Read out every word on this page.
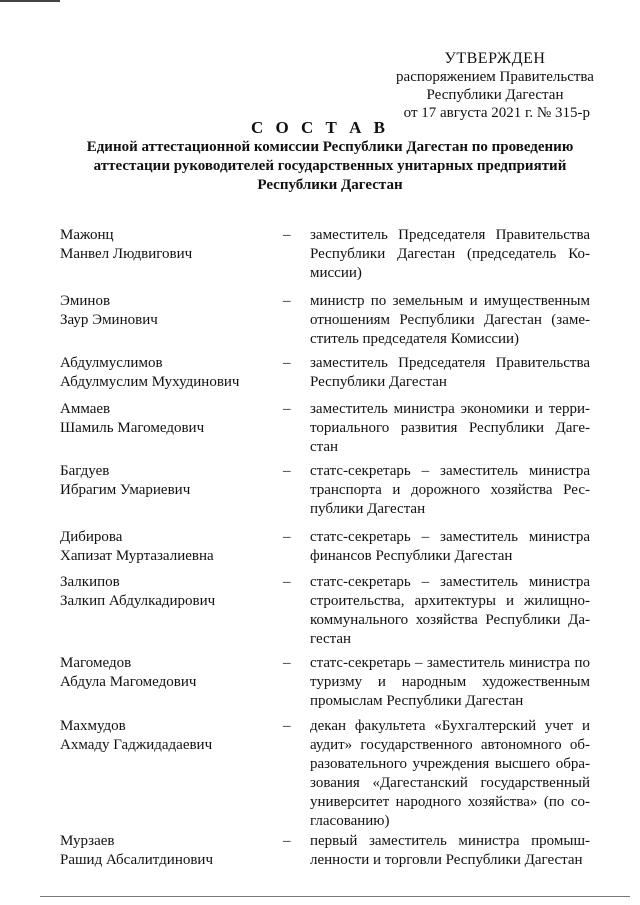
УТВЕРЖДЕН
распоряжением Правительства
Республики Дагестан
от 17 августа 2021 г. № 315-р
С О С Т А В
Единой аттестационной комиссии Республики Дагестан по проведению
аттестации руководителей государственных унитарных предприятий
Республики Дагестан
Мажонц
Манвел Людвигович
– заместитель Председателя Правительства
Республики Дагестан (председатель Ко-
миссии)
Эминов
Заур Эминович
– министр по земельным и имущественным
отношениям Республики Дагестан (заме-
ститель председателя Комиссии)
Абдулмуслимов
Абдулмуслим Мухудинович
– заместитель Председателя Правительства
Республики Дагестан
Аммаев
Шамиль Магомедович
– заместитель министра экономики и терри-
ториального развития Республики Даге-
стан
Багдуев
Ибрагим Умариевич
– статс-секретарь – заместитель министра
транспорта и дорожного хозяйства Рес-
публики Дагестан
Дибирова
Хапизат Муртазалиевна
– статс-секретарь – заместитель министра
финансов Республики Дагестан
Залкипов
Залкип Абдулкадирович
– статс-секретарь – заместитель министра
строительства, архитектуры и жилищно-
коммунального хозяйства Республики Да-
гестан
Магомедов
Абдула Магомедович
– статс-секретарь – заместитель министра по
туризму и народным художественным
промыслам Республики Дагестан
Махмудов
Ахмаду Гаджидадаевич
– декан факультета «Бухгалтерский учет и
аудит» государственного автономного об-
разовательного учреждения высшего обра-
зования «Дагестанский государственный
университет народного хозяйства» (по со-
гласованию)
Мурзаев
Рашид Абсалитдинович
– первый заместитель министра промыш-
ленности и торговли Республики Дагестан
